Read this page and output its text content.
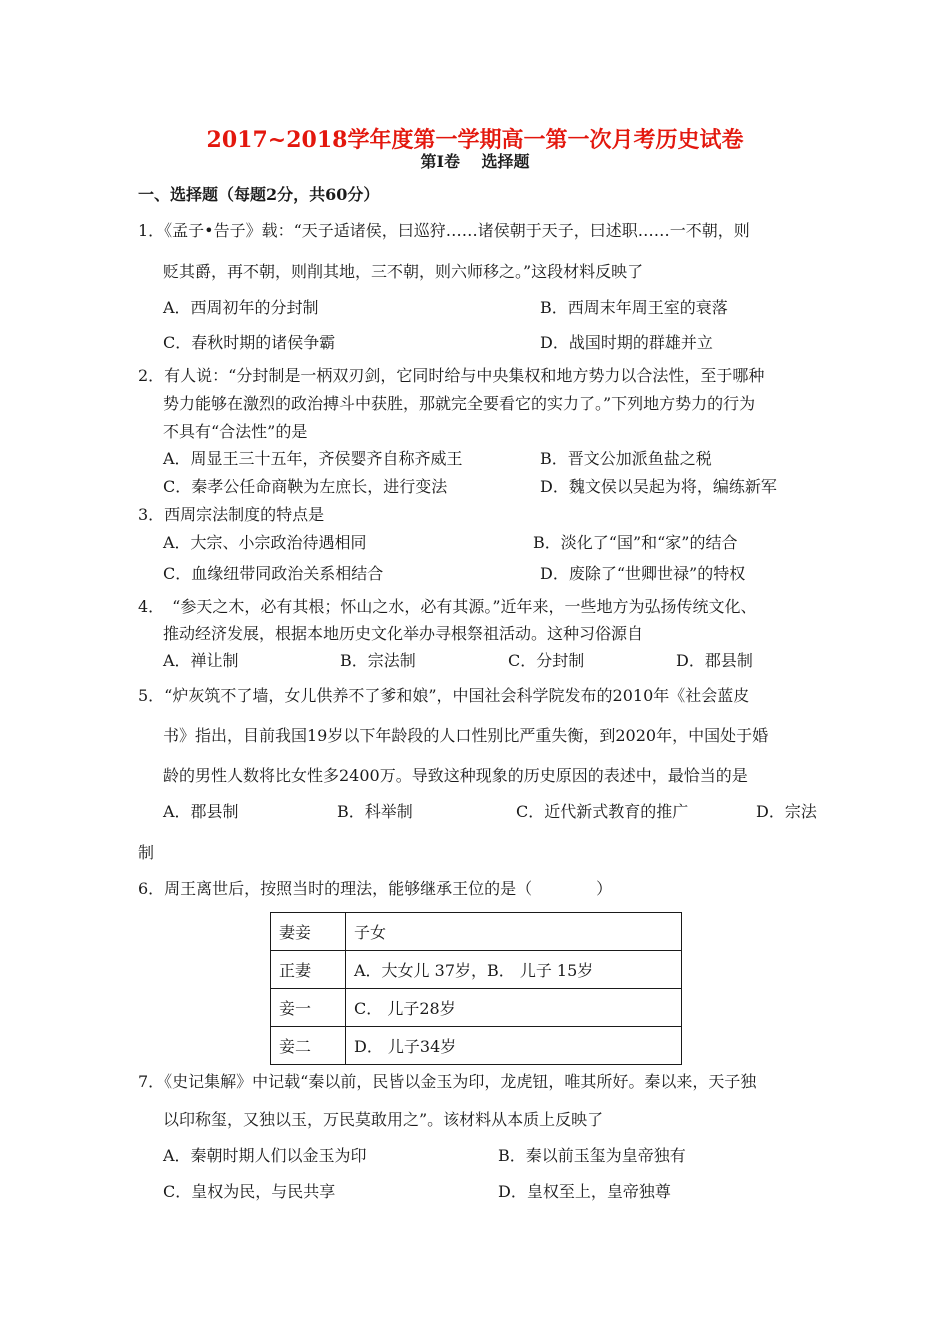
2017~2018学年度第一学期高一第一次月考历史试卷
第Ⅰ卷　 选择题
一、选择题（每题2分，共60分）
1．《孟子•告子》载：“天子适诸侯，曰巡狩……诸侯朝于天子，曰述职……一不朝，则
贬其爵，再不朝，则削其地，三不朝，则六师移之。”这段材料反映了
A．西周初年的分封制	B．西周末年周王室的衰落
C．春秋时期的诸侯争霸	D．战国时期的群雄并立
2．有人说：“分封制是一柄双刃剑，它同时给与中央集权和地方势力以合法性，至于哪种
势力能够在激烈的政治搏斗中获胜，那就完全要看它的实力了。”下列地方势力的行为
不具有“合法性”的是
A．周显王三十五年，齐侯婴齐自称齐威王	B．晋文公加派鱼盐之税
C．秦孝公任命商鞅为左庶长，进行变法	D．魏文侯以吴起为将，编练新军
3．西周宗法制度的特点是
A．大宗、小宗政治待遇相同	B．淡化了“国”和“家”的结合
C．血缘纽带同政治关系相结合	D．废除了“世卿世禄”的特权
4．　“参天之木，必有其根；怀山之水，必有其源。”近年来，一些地方为弘扬传统文化、
推动经济发展，根据本地历史文化举办寻根祭祖活动。这种习俗源自
A．禅让制	B．宗法制	C．分封制	D．郡县制
5．“炉灰筑不了墙，女儿供养不了爹和娘”，中国社会科学院发布的2010年《社会蓝皮
书》指出，目前我国19岁以下年龄段的人口性别比严重失衡，到2020年，中国处于婚
龄的男性人数将比女性多2400万。导致这种现象的历史原因的表述中，最恰当的是
A．郡县制	B．科举制	C．近代新式教育的推广	D．宗法
制
6．周王离世后，按照当时的理法，能够继承王位的是（　　　　）
妻妾	子女
正妻	A．大女儿 37岁，B． 儿子 15岁
妾一	C． 儿子28岁
妾二	D． 儿子34岁
7．《史记集解》中记载“秦以前，民皆以金玉为印，龙虎钮，唯其所好。秦以来，天子独
以印称玺，又独以玉，万民莫敢用之”。该材料从本质上反映了
A．秦朝时期人们以金玉为印	B．秦以前玉玺为皇帝独有
C．皇权为民，与民共享	D．皇权至上，皇帝独尊
